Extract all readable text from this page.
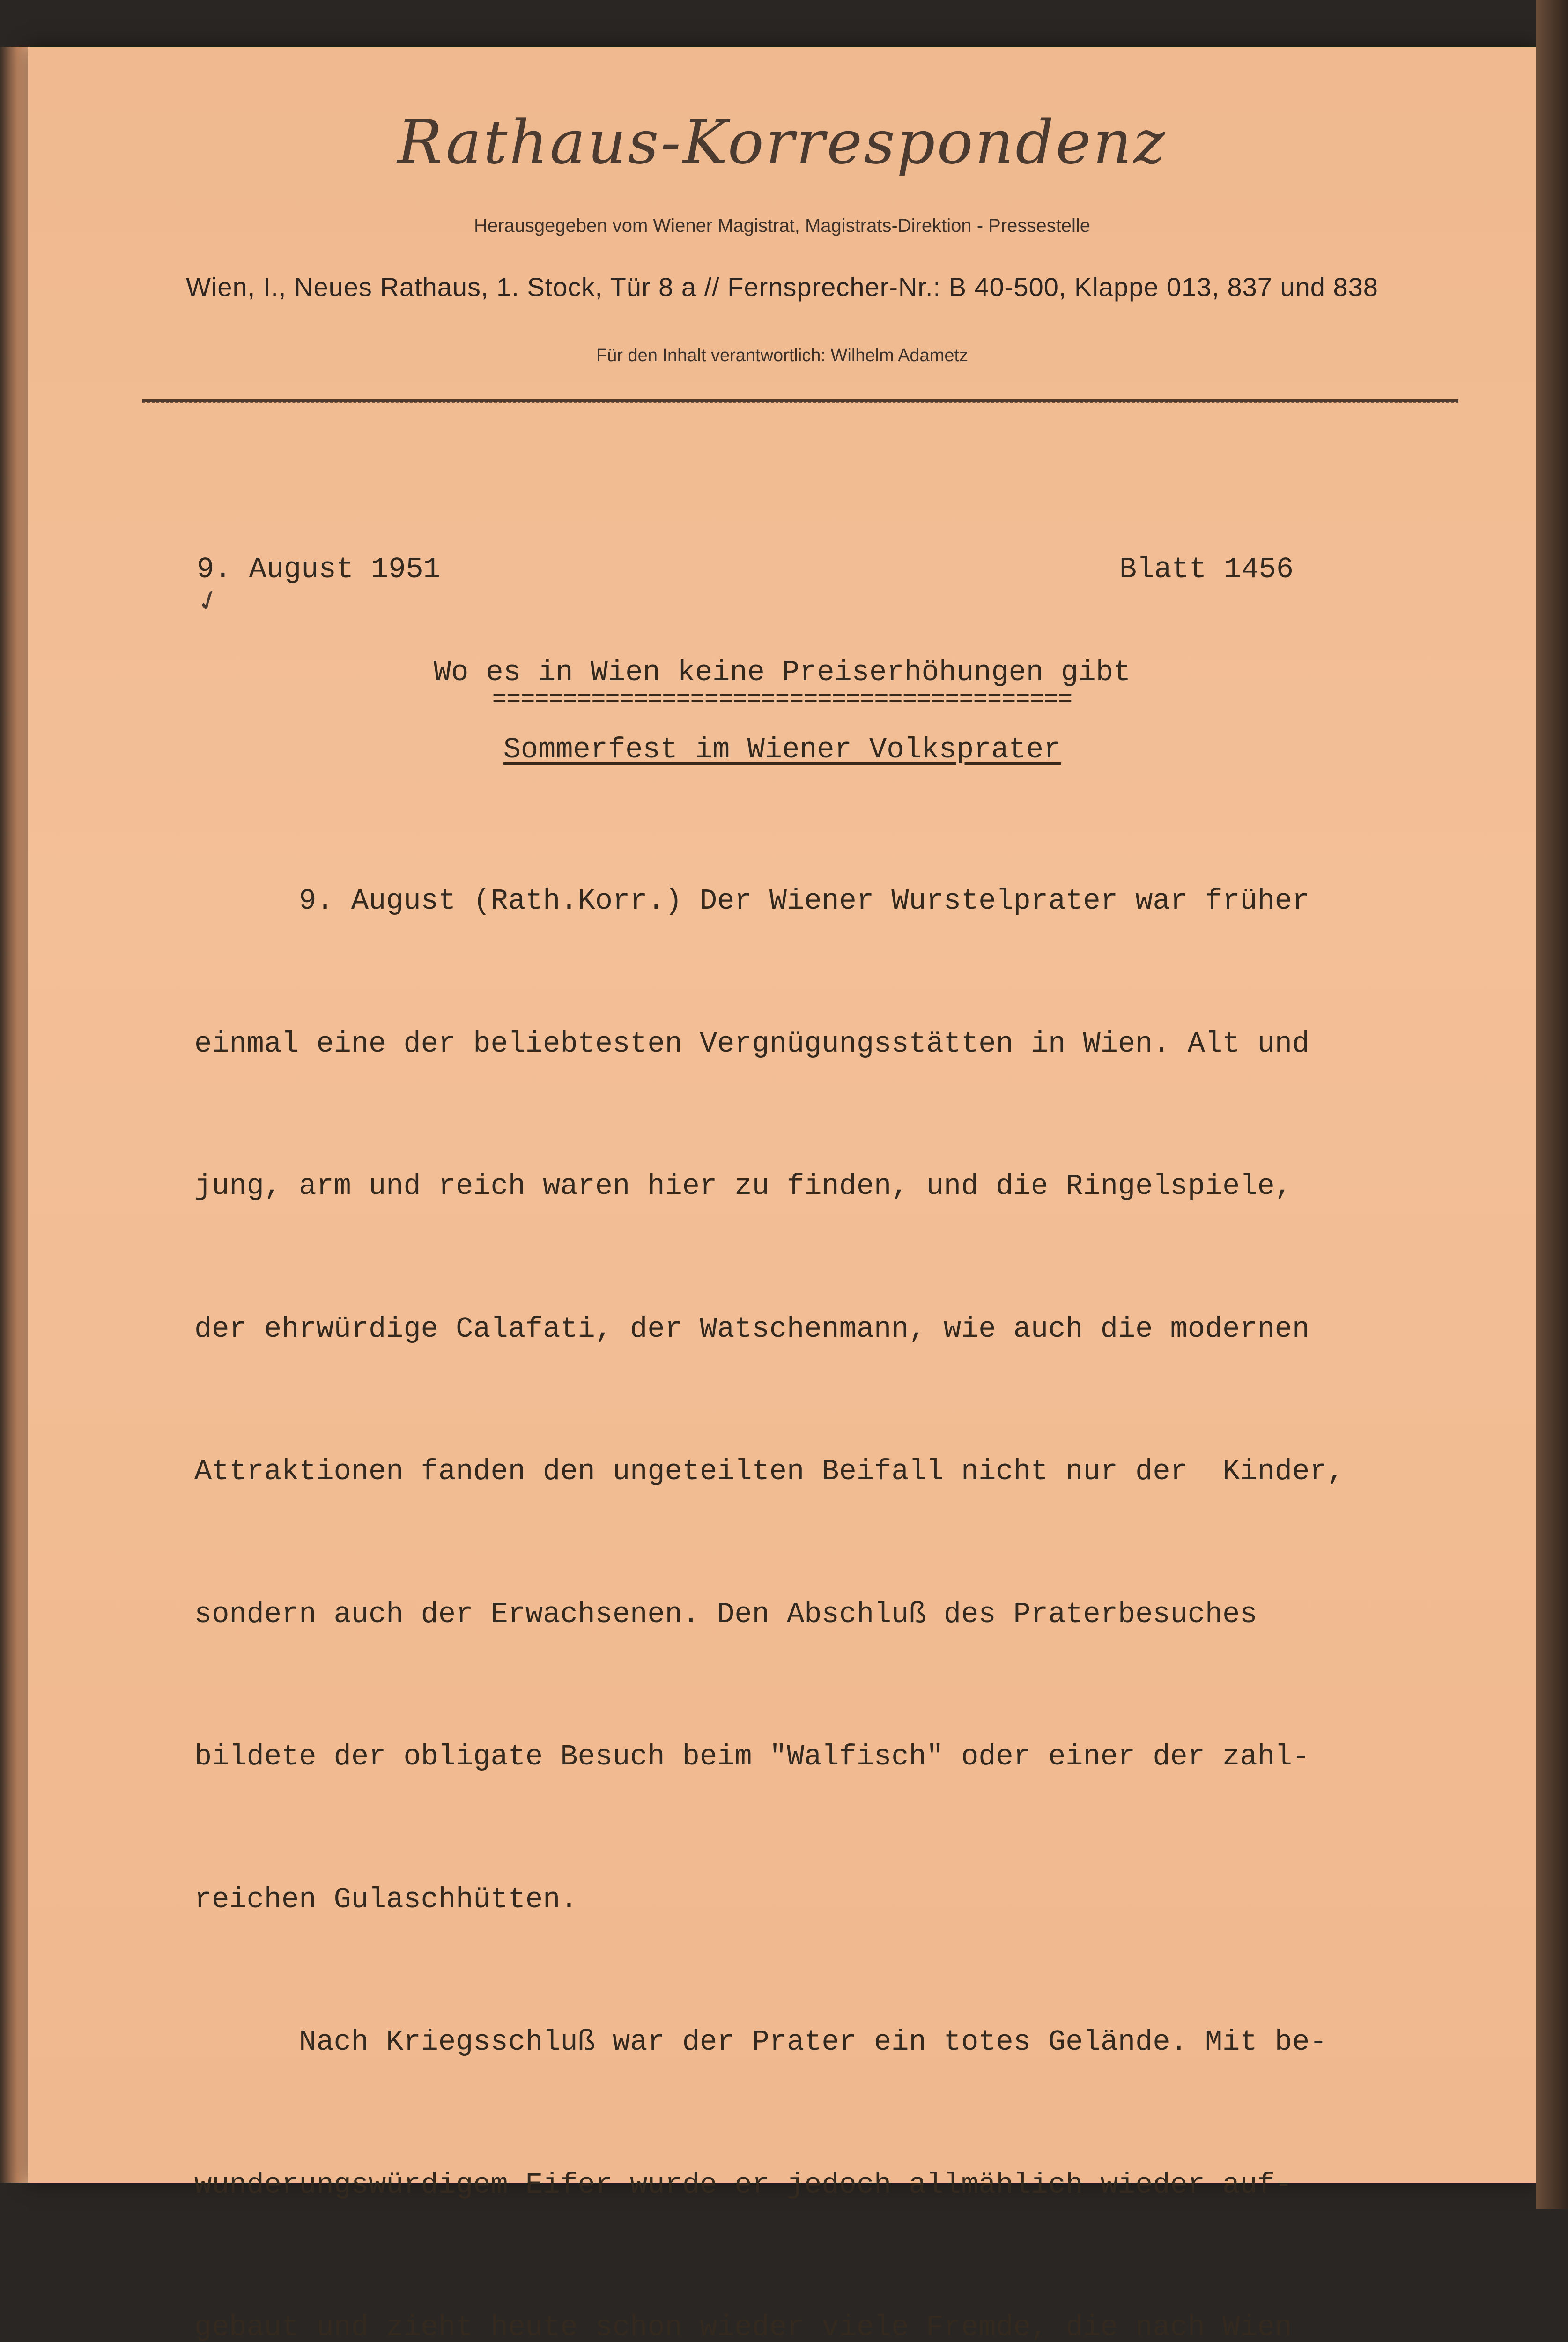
Rathaus-Korrespondenz
Herausgegeben vom Wiener Magistrat, Magistrats-Direktion - Pressestelle
Wien, I., Neues Rathaus, 1. Stock, Tür 8 a // Fernsprecher-Nr.: B 40-500, Klappe 013, 837 und 838
Für den Inhalt verantwortlich: Wilhelm Adametz
9. August 1951	Blatt 1456
✓
Wo es in Wien keine Preiserhöhungen gibt
=========================================
Sommerfest im Wiener Volksprater

9. August (Rath.Korr.) Der Wiener Wurstelprater war früher

einmal eine der beliebtesten Vergnügungsstätten in Wien. Alt und

jung, arm und reich waren hier zu finden, und die Ringelspiele,

der ehrwürdige Calafati, der Watschenmann, wie auch die modernen

Attraktionen fanden den ungeteilten Beifall nicht nur der  Kinder,

sondern auch der Erwachsenen. Den Abschluß des Praterbesuches

bildete der obligate Besuch beim "Walfisch" oder einer der zahl-

reichen Gulaschhütten.

Nach Kriegsschluß war der Prater ein totes Gelände. Mit be-

wunderungswürdigem Eifer wurde er jedoch allmählich wieder auf-

gebaut und zieht heute schon wieder viele Fremde, die nach Wien
